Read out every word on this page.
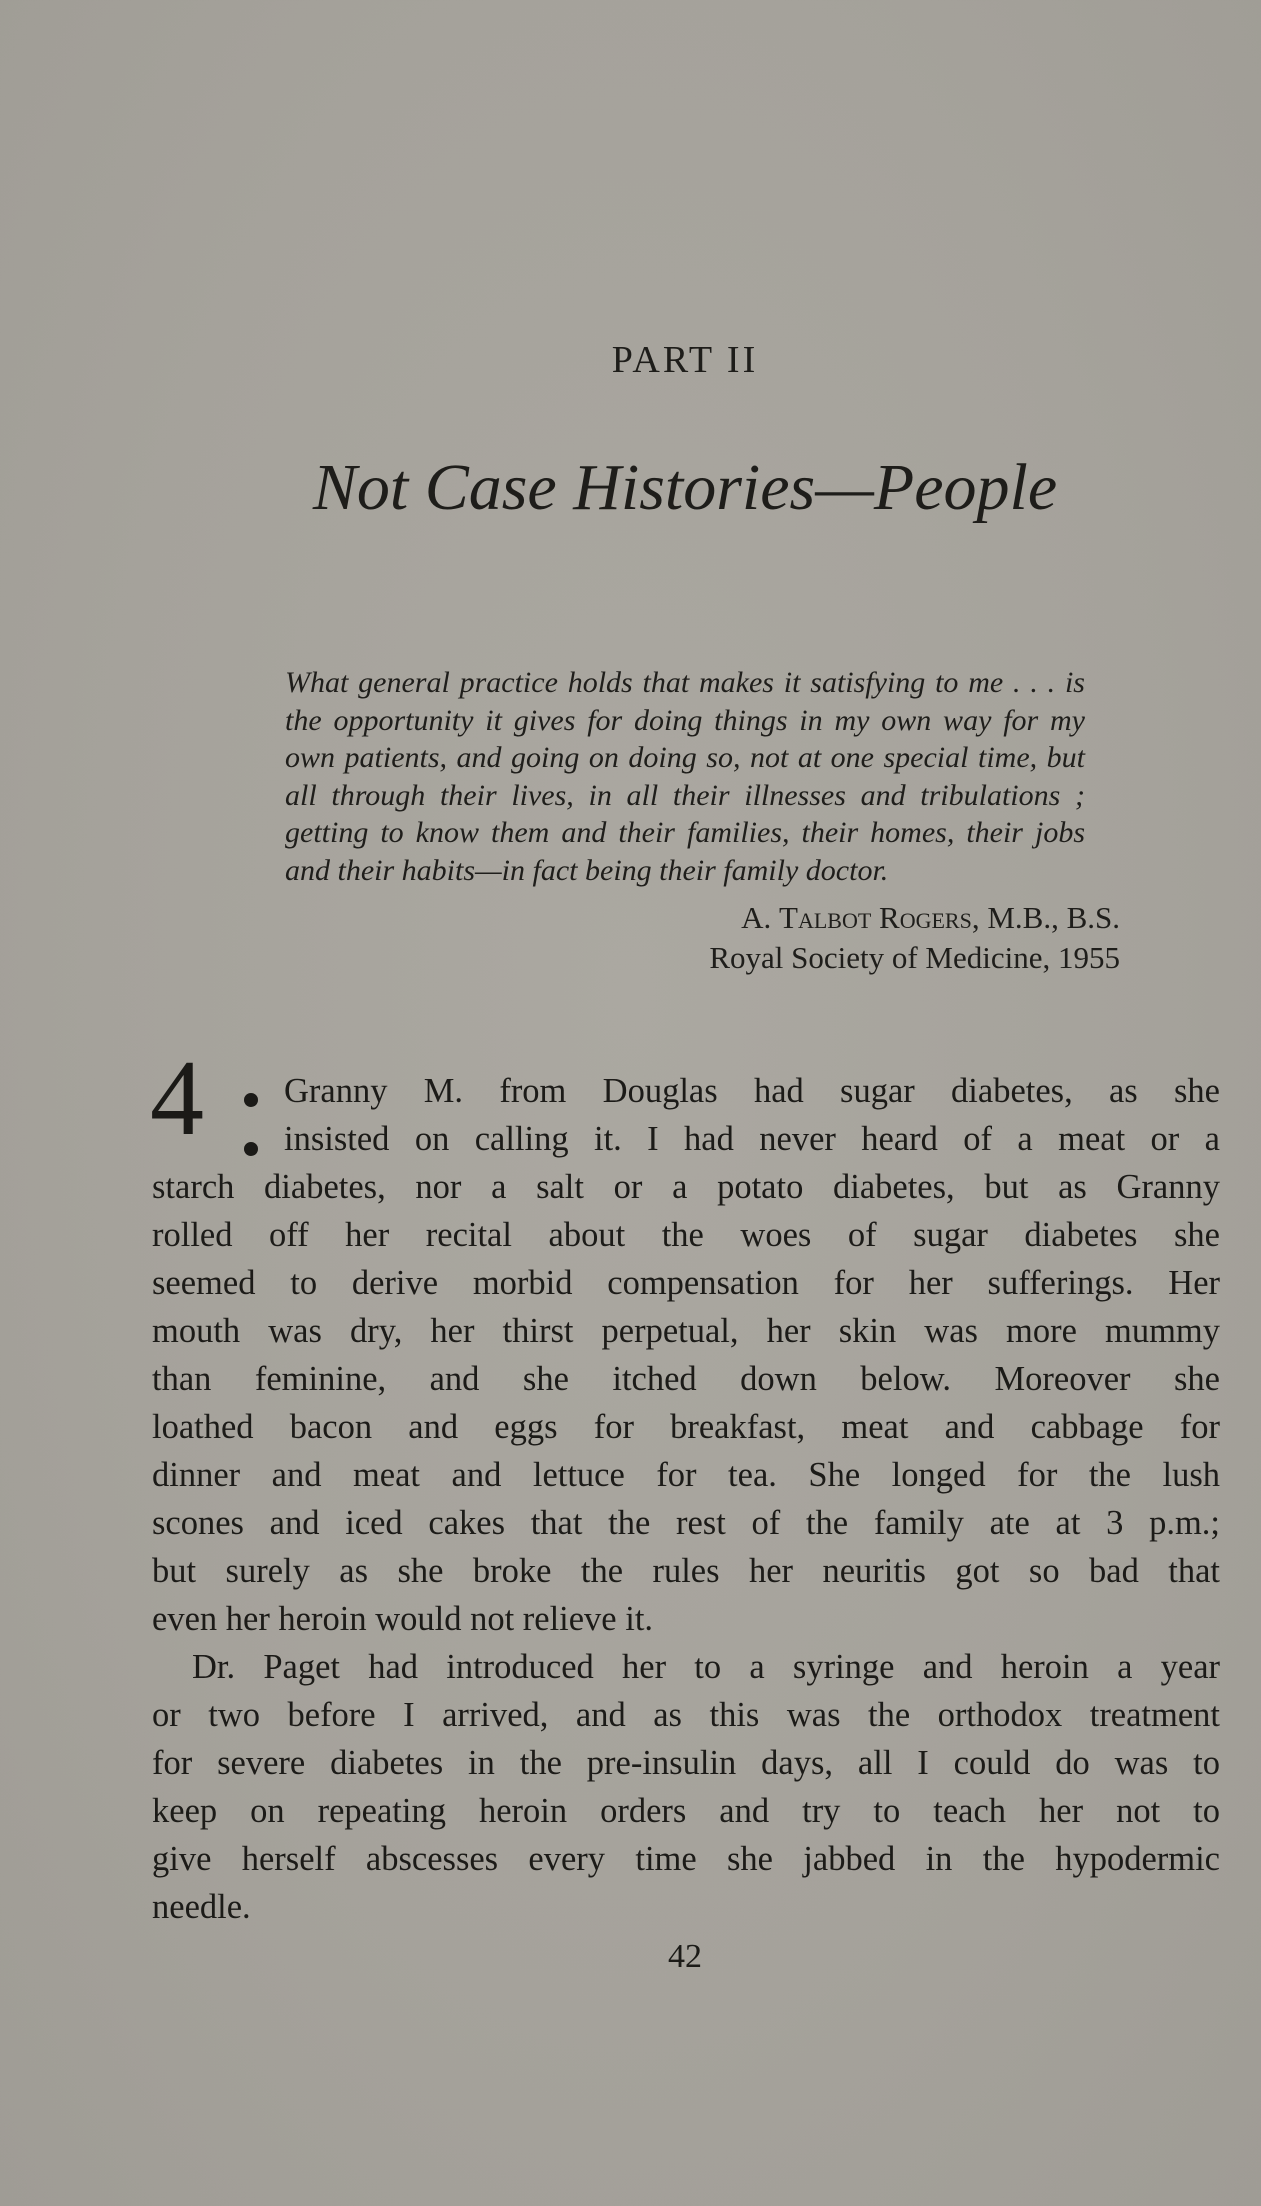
PART II
Not Case Histories—People
What general practice holds that makes it satisfying to me . . . is the opportunity it gives for doing things in my own way for my own patients, and going on doing so, not at one special time, but all through their lives, in all their illnesses and tribulations ; getting to know them and their families, their homes, their jobs and their habits—in fact being their family doctor.
A. Talbot Rogers, M.B., B.S.
Royal Society of Medicine, 1955
4 Granny M. from Douglas had sugar diabetes, as she
insisted on calling it. I had never heard of a meat or a
starch diabetes, nor a salt or a potato diabetes, but as Granny
rolled off her recital about the woes of sugar diabetes she
seemed to derive morbid compensation for her sufferings. Her
mouth was dry, her thirst perpetual, her skin was more mummy
than feminine, and she itched down below. Moreover she
loathed bacon and eggs for breakfast, meat and cabbage for
dinner and meat and lettuce for tea. She longed for the lush
scones and iced cakes that the rest of the family ate at 3 p.m.;
but surely as she broke the rules her neuritis got so bad that
even her heroin would not relieve it.
Dr. Paget had introduced her to a syringe and heroin a year
or two before I arrived, and as this was the orthodox treatment
for severe diabetes in the pre-insulin days, all I could do was to
keep on repeating heroin orders and try to teach her not to
give herself abscesses every time she jabbed in the hypodermic
needle.
42
